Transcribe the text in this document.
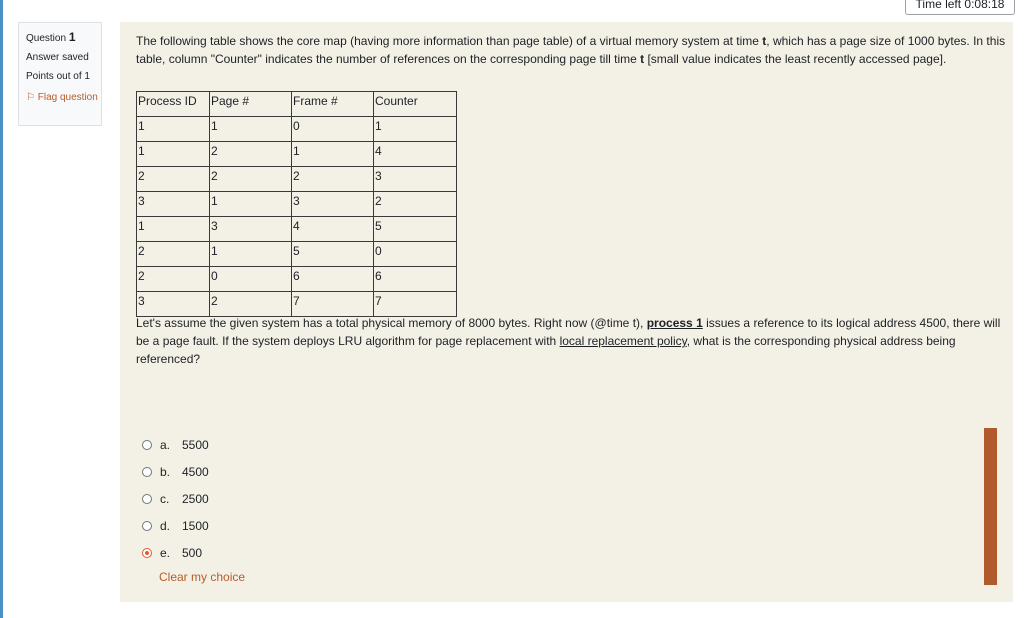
Time left 0:08:18
Question 1
Answer saved
Points out of 1
⚐ Flag question
The following table shows the core map (having more information than page table) of a virtual memory system at time t, which has a page size of 1000 bytes. In this table, column "Counter" indicates the number of references on the corresponding page till time t [small value indicates the least recently accessed page].
Process ID	Page #	Frame #	Counter
1	1	0	1
1	2	1	4
2	2	2	3
3	1	3	2
1	3	4	5
2	1	5	0
2	0	6	6
3	2	7	7
Let's assume the given system has a total physical memory of 8000 bytes. Right now (@time t), process 1 issues a reference to its logical address 4500, there will be a page fault. If the system deploys LRU algorithm for page replacement with local replacement policy, what is the corresponding physical address being referenced?
a. 5500
b. 4500
c.	2500
d. 1500
e. 500
Clear my choice
